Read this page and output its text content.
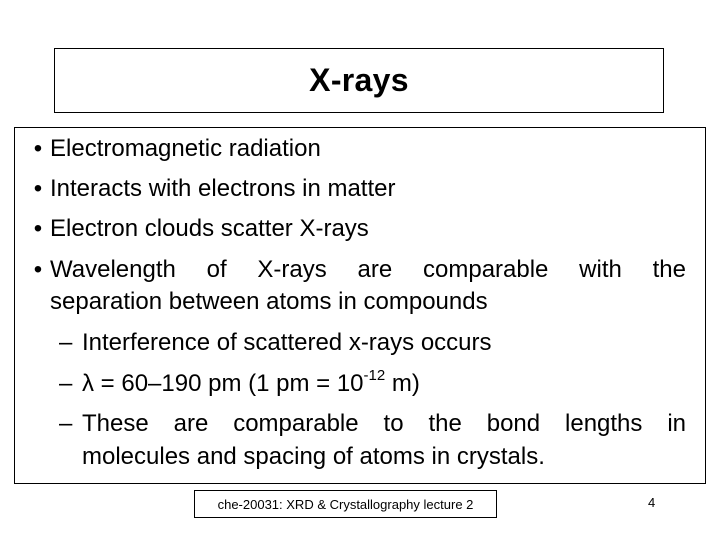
X-rays
• Electromagnetic radiation
• Interacts with electrons in matter
• Electron clouds scatter X-rays
• Wavelength of X-rays are comparable with the
separation between atoms in compounds
– Interference of scattered x-rays occurs
– λ = 60–190 pm (1 pm = $10^{-12}$ m)
– These are comparable to the bond lengths in
molecules and spacing of atoms in crystals.
che-20031: XRD & Crystallography lecture 2	4
